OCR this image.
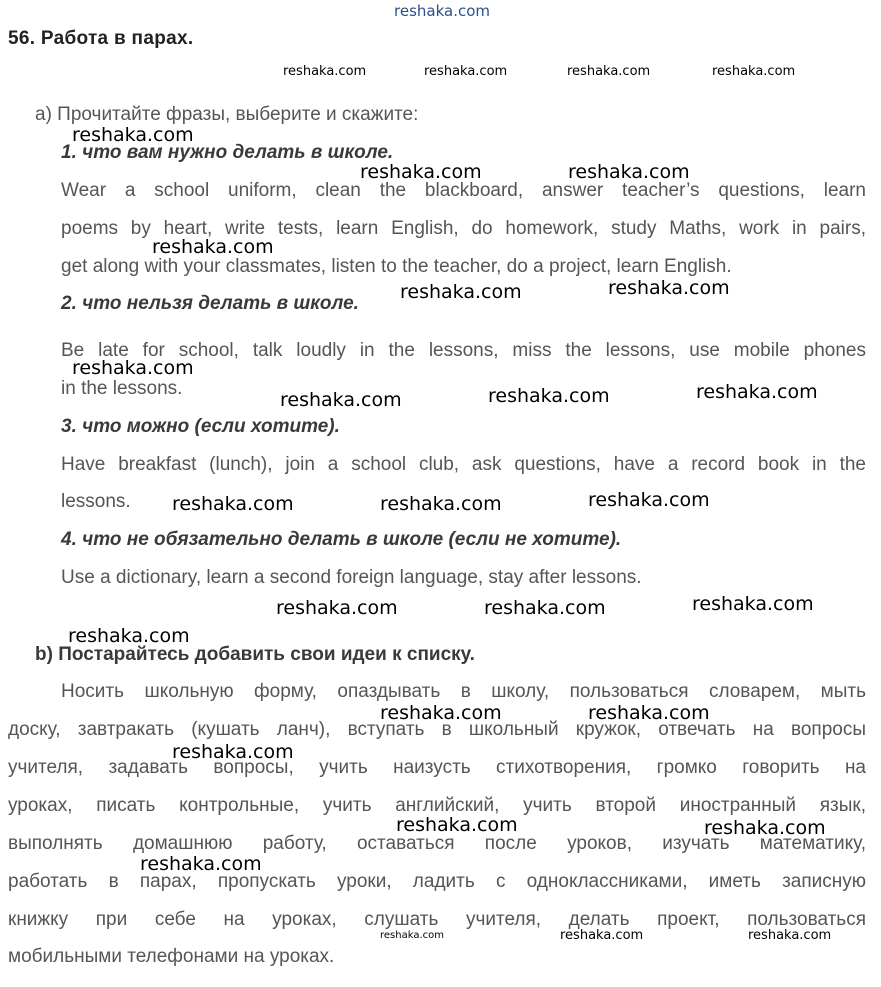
56. Работа в парах.
a) Прочитайте фразы, выберите и скажите:
1. что вам нужно делать в школе.
Wear a school uniform, clean the blackboard, answer teacher’s questions, learn
poems by heart, write tests, learn English, do homework, study Maths, work in pairs,
get along with your classmates, listen to the teacher, do a project, learn English.
2. что нельзя делать в школе.
Be late for school, talk loudly in the lessons, miss the lessons, use mobile phones
in the lessons.
3. что можно (если хотите).
Have breakfast (lunch), join a school club, ask questions, have a record book in the
lessons.
4. что не обязательно делать в школе (если не хотите).
Use a dictionary, learn a second foreign language, stay after lessons.
b) Постарайтесь добавить свои идеи к списку.
Носить школьную форму, опаздывать в школу, пользоваться словарем, мыть
доску, завтракать (кушать ланч), вступать в школьный кружок, отвечать на вопросы
учителя, задавать вопросы, учить наизусть стихотворения, громко говорить на
уроках, писать контрольные, учить английский, учить второй иностранный язык,
выполнять домашнюю работу, оставаться после уроков, изучать математику,
работать в парах, пропускать уроки, ладить с одноклассниками, иметь записную
книжку при себе на уроках, слушать учителя, делать проект, пользоваться
мобильными телефонами на уроках.
reshaka.com
reshaka.com	reshaka.com	reshaka.com	reshaka.com
reshaka.com
reshaka.com	reshaka.com
reshaka.com
reshaka.com	reshaka.com
reshaka.com
reshaka.com	reshaka.com	reshaka.com
reshaka.com	reshaka.com	reshaka.com
reshaka.com	reshaka.com	reshaka.com
reshaka.com
reshaka.com	reshaka.com
reshaka.com
reshaka.com	reshaka.com
reshaka.com
reshaka.com	reshaka.com	reshaka.com
